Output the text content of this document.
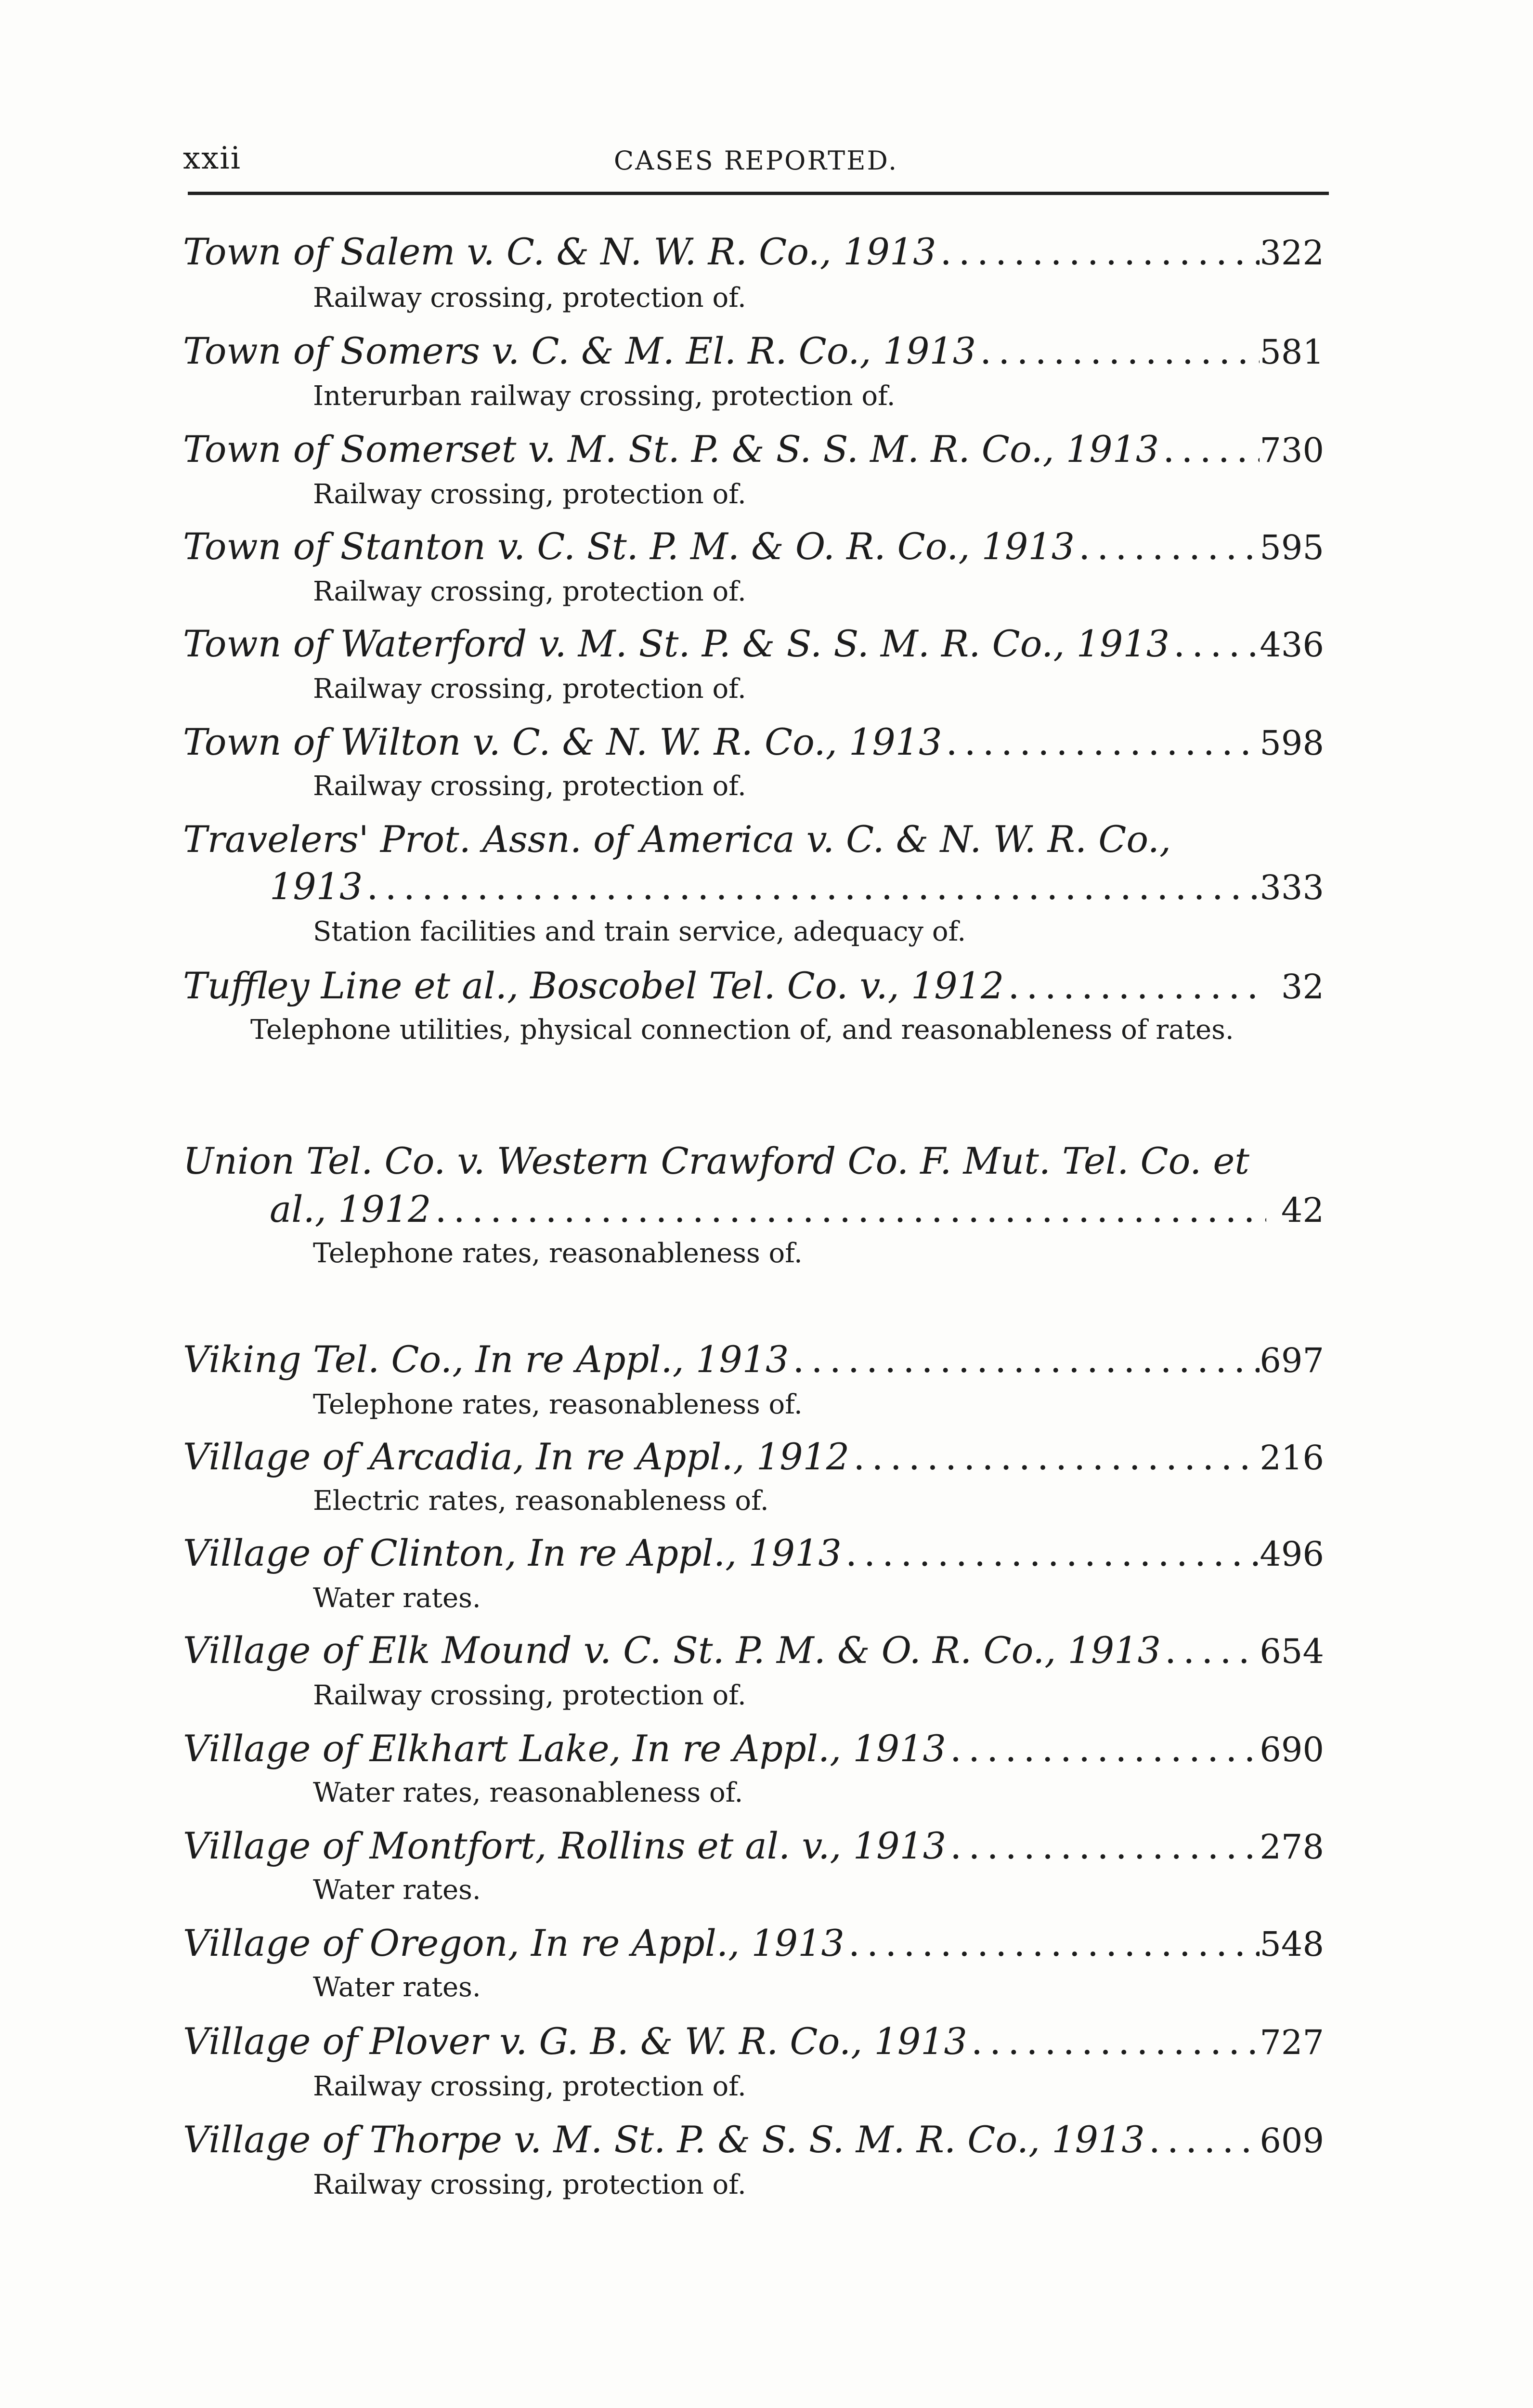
xxii	CASES REPORTED.
Town of Salem v. C. & N. W. R. Co., 1913 .....	322
Railway crossing, protection of.
Town of Somers v. C. & M. El. R. Co., 1913 .....	581
Interurban railway crossing, protection of.
Town of Somerset v. M. St. P. & S. S. M. R. Co., 1913 .....	730
Railway crossing, protection of.
Town of Stanton v. C. St. P. M. & O. R. Co., 1913 .....	595
Railway crossing, protection of.
Town of Waterford v. M. St. P. & S. S. M. R. Co., 1913 .....	436
Railway crossing, protection of.
Town of Wilton v. C. & N. W. R. Co., 1913 .....	598
Railway crossing, protection of.
Travelers' Prot. Assn. of America v. C. & N. W. R. Co.,
1913 .....	333
Station facilities and train service, adequacy of.
Tuffley Line et al., Boscobel Tel. Co. v., 1912 .....	32
Telephone utilities, physical connection of, and reasonableness of rates.
Union Tel. Co. v. Western Crawford Co. F. Mut. Tel. Co. et
al., 1912 .....	42
Telephone rates, reasonableness of.
Viking Tel. Co., In re Appl., 1913 .....	697
Telephone rates, reasonableness of.
Village of Arcadia, In re Appl., 1912 .....	216
Electric rates, reasonableness of.
Village of Clinton, In re Appl., 1913 .....	496
Water rates.
Village of Elk Mound v. C. St. P. M. & O. R. Co., 1913 .....	654
Railway crossing, protection of.
Village of Elkhart Lake, In re Appl., 1913 .....	690
Water rates, reasonableness of.
Village of Montfort, Rollins et al. v., 1913 .....	278
Water rates.
Village of Oregon, In re Appl., 1913 .....	548
Water rates.
Village of Plover v. G. B. & W. R. Co., 1913 .....	727
Railway crossing, protection of.
Village of Thorpe v. M. St. P. & S. S. M. R. Co., 1913 .....	609
Railway crossing, protection of.
